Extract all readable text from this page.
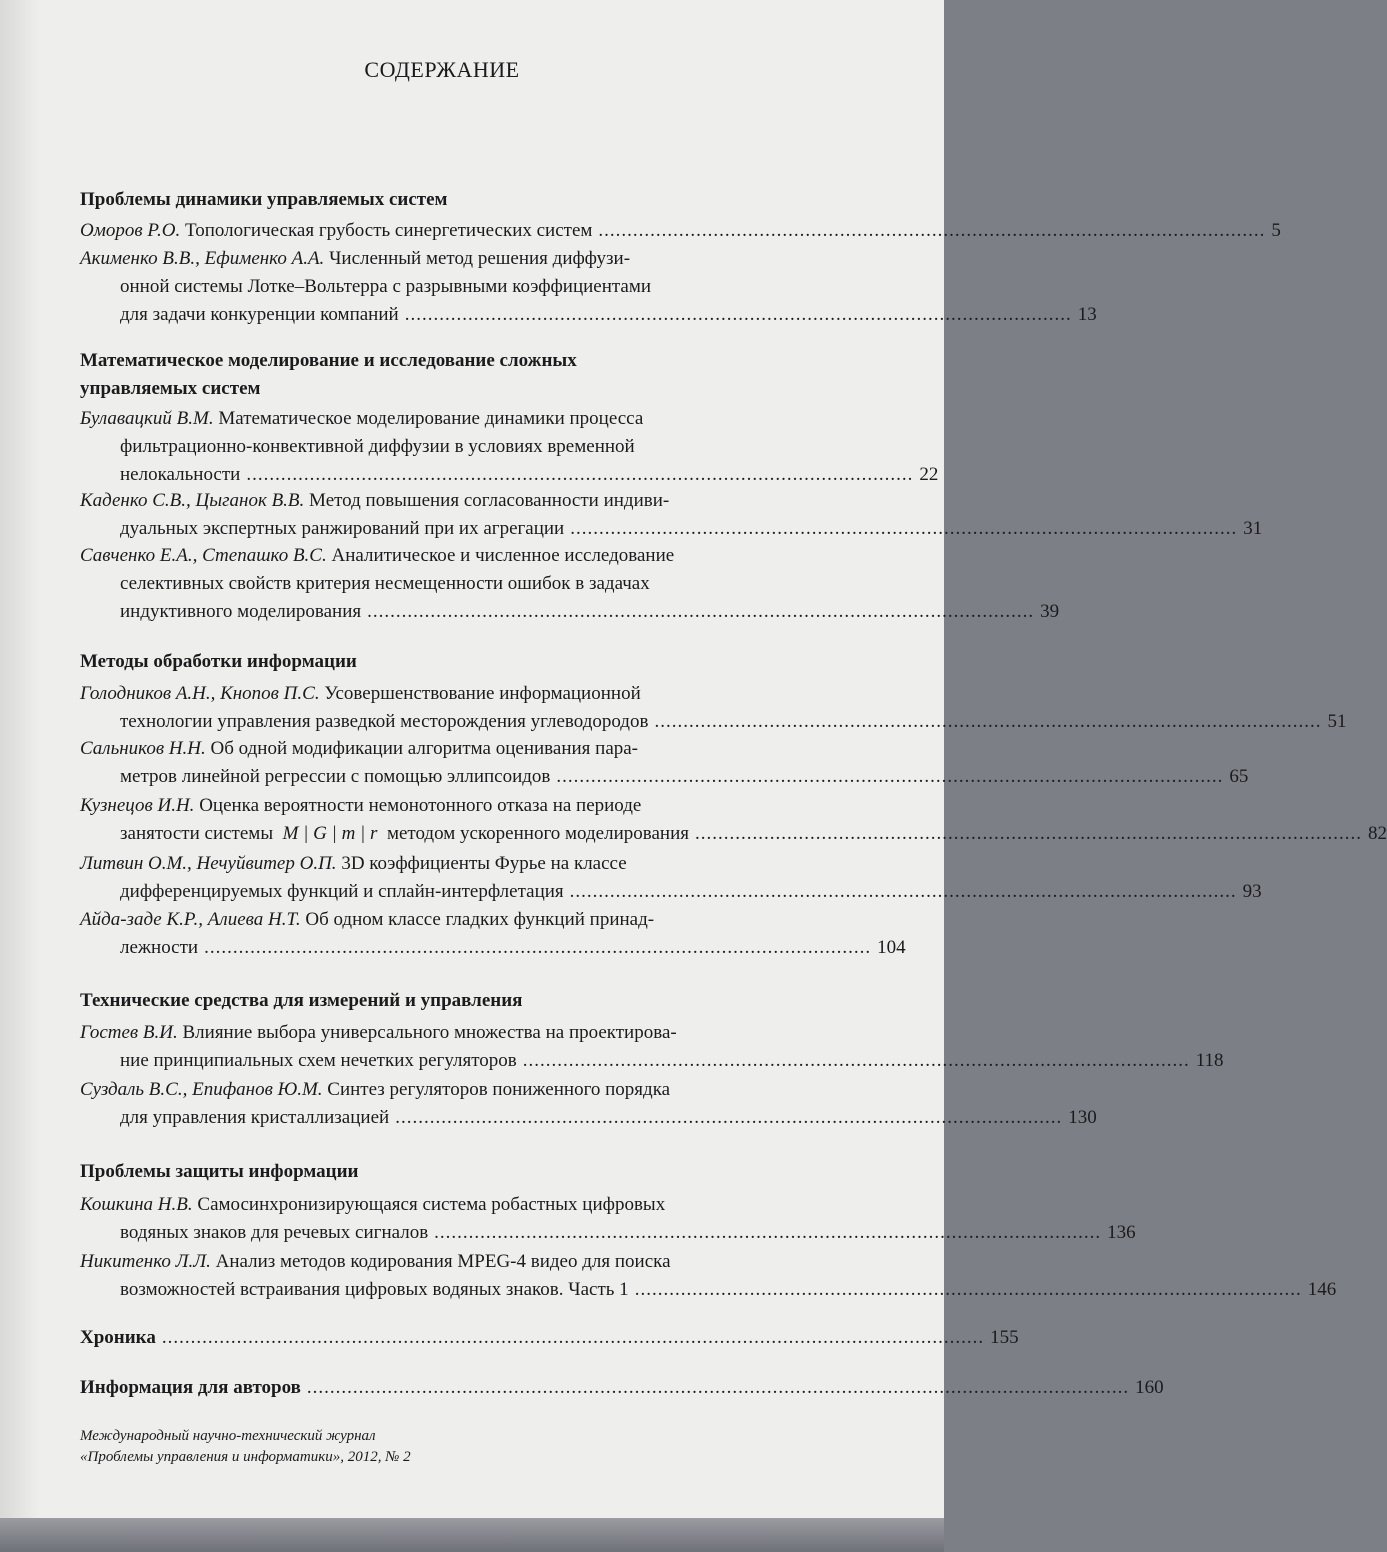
СОДЕРЖАНИЕ
Проблемы динамики управляемых систем
Оморов Р.О. Топологическая грубость синергетических систем .................................................................................................................... 5
Акименко В.В., Ефименко А.А. Численный метод решения диффузи-
онной системы Лотке–Вольтерра с разрывными коэффициентами
для задачи конкуренции компаний .................................................................................................................... 13
Математическое моделирование и исследование сложных
управляемых систем
Булавацкий В.М. Математическое моделирование динамики процесса
фильтрационно-конвективной диффузии в условиях временной
нелокальности .................................................................................................................... 22
Каденко С.В., Цыганок В.В. Метод повышения согласованности индиви-
дуальных экспертных ранжирований при их агрегации .................................................................................................................... 31
Савченко Е.А., Степашко В.С. Аналитическое и численное исследование
селективных свойств критерия несмещенности ошибок в задачах
индуктивного моделирования .................................................................................................................... 39
Методы обработки информации
Голодников А.Н., Кнопов П.С. Усовершенствование информационной
технологии управления разведкой месторождения углеводородов .................................................................................................................... 51
Сальников Н.Н. Об одной модификации алгоритма оценивания пара-
метров линейной регрессии с помощью эллипсоидов .................................................................................................................... 65
Кузнецов И.Н. Оценка вероятности немонотонного отказа на периоде
занятости системы M | G | m | r методом ускоренного моделирования .................................................................................................................... 82
Литвин О.М., Нечуйвитер О.П. 3D коэффициенты Фурье на классе
дифференцируемых функций и сплайн-интерфлетация .................................................................................................................... 93
Айда-заде К.Р., Алиева Н.Т. Об одном классе гладких функций принад-
лежности .................................................................................................................... 104
Технические средства для измерений и управления
Гостев В.И. Влияние выбора универсального множества на проектирова-
ние принципиальных схем нечетких регуляторов .................................................................................................................... 118
Суздаль В.С., Епифанов Ю.М. Синтез регуляторов пониженного порядка
для управления кристаллизацией .................................................................................................................... 130
Проблемы защиты информации
Кошкина Н.В. Самосинхронизирующаяся система робастных цифровых
водяных знаков для речевых сигналов .................................................................................................................... 136
Никитенко Л.Л. Анализ методов кодирования MPEG-4 видео для поиска
возможностей встраивания цифровых водяных знаков. Часть 1 .................................................................................................................... 146
Хроника ............................................................................................................................................... 155
Информация для авторов ............................................................................................................................................... 160
Международный научно-технический журнал
«Проблемы управления и информатики», 2012, № 2
